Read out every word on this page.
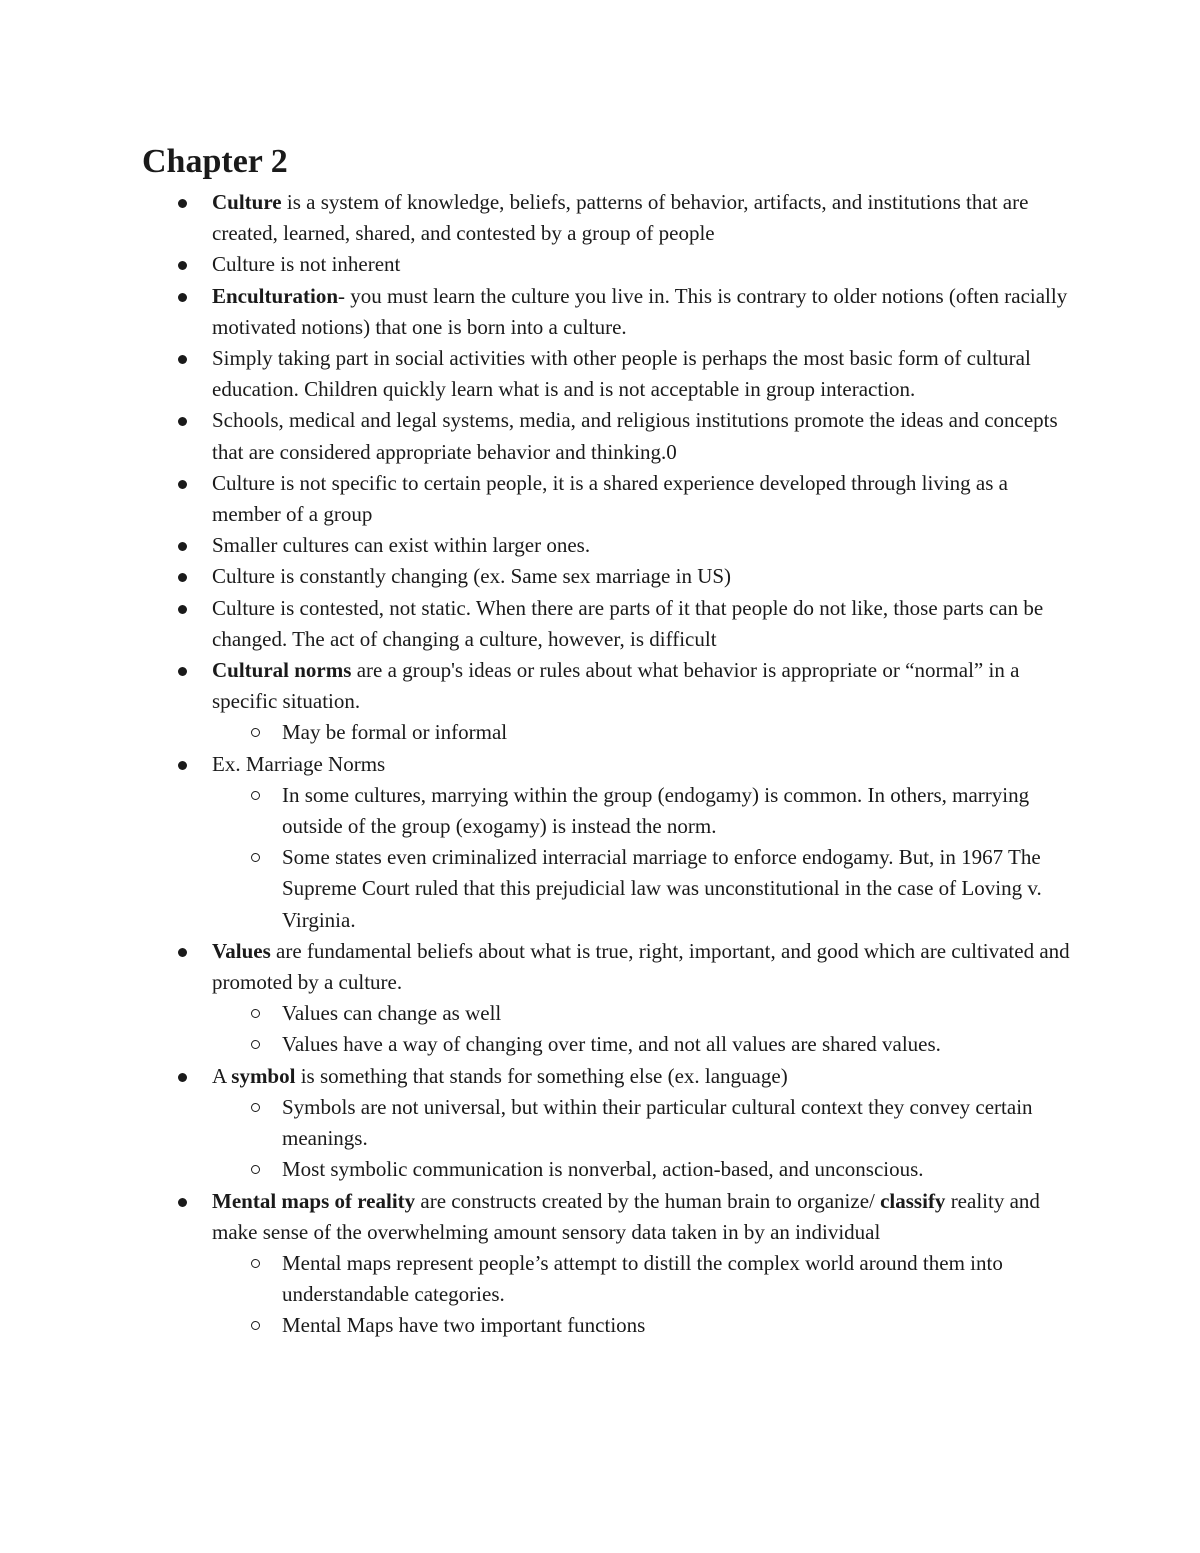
Chapter 2
Culture is a system of knowledge, beliefs, patterns of behavior, artifacts, and institutions that are created, learned, shared, and contested by a group of people
Culture is not inherent
Enculturation- you must learn the culture you live in. This is contrary to older notions (often racially motivated notions) that one is born into a culture.
Simply taking part in social activities with other people is perhaps the most basic form of cultural education. Children quickly learn what is and is not acceptable in group interaction.
Schools, medical and legal systems, media, and religious institutions promote the ideas and concepts that are considered appropriate behavior and thinking.0
Culture is not specific to certain people, it is a shared experience developed through living as a member of a group
Smaller cultures can exist within larger ones.
Culture is constantly changing (ex. Same sex marriage in US)
Culture is contested, not static. When there are parts of it that people do not like, those parts can be changed. The act of changing a culture, however, is difficult
Cultural norms are a group's ideas or rules about what behavior is appropriate or “normal” in a specific situation.
May be formal or informal
Ex. Marriage Norms
In some cultures, marrying within the group (endogamy) is common. In others, marrying outside of the group (exogamy) is instead the norm.
Some states even criminalized interracial marriage to enforce endogamy. But, in 1967 The Supreme Court ruled that this prejudicial law was unconstitutional in the case of Loving v. Virginia.
Values are fundamental beliefs about what is true, right, important, and good which are cultivated and promoted by a culture.
Values can change as well
Values have a way of changing over time, and not all values are shared values.
A symbol is something that stands for something else (ex. language)
Symbols are not universal, but within their particular cultural context they convey certain meanings.
Most symbolic communication is nonverbal, action-based, and unconscious.
Mental maps of reality are constructs created by the human brain to organize/ classify reality and make sense of the overwhelming amount sensory data taken in by an individual
Mental maps represent people’s attempt to distill the complex world around them into understandable categories.
Mental Maps have two important functions
